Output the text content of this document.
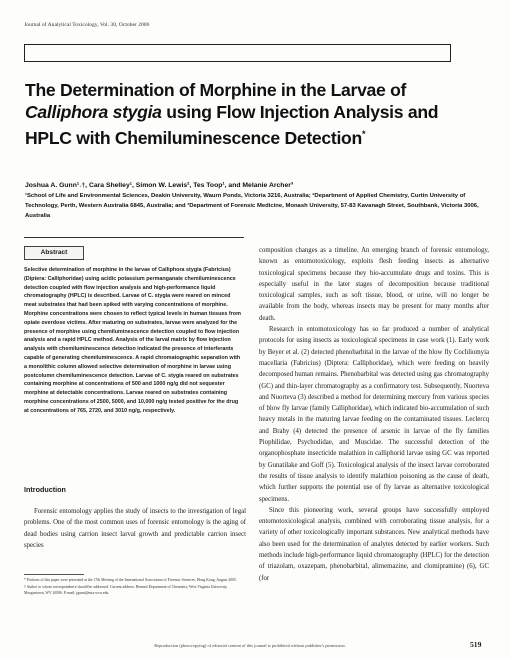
Journal of Analytical Toxicology, Vol. 30, October 2006
The Determination of Morphine in the Larvae of
Calliphora stygia using Flow Injection Analysis and
HPLC with Chemiluminescence Detection*
Joshua A. Gunn¹˒†, Cara Shelley¹, Simon W. Lewis², Tes Toop¹, and Melanie Archer³
¹School of Life and Environmental Sciences, Deakin University, Waurn Ponds, Victoria 3216, Australia; ²Department of Applied Chemistry, Curtin University of Technology, Perth, Western Australia 6845, Australia; and ³Department of Forensic Medicine, Monash University, 57-83 Kavanagh Street, Southbank, Victoria 3006, Australia
Abstract
Selective determination of morphine in the larvae of Calliphora stygia (Fabricius) (Diptera: Calliphoridae) using acidic potassium permanganate chemiluminescence detection coupled with flow injection analysis and high-performance liquid chromatography (HPLC) is described. Larvae of C. stygia were reared on minced meat substrates that had been spiked with varying concentrations of morphine. Morphine concentrations were chosen to reflect typical levels in human tissues from opiate overdose victims. After maturing on substrates, larvae were analyzed for the presence of morphine using chemiluminescence detection coupled to flow injection analysis and a rapid HPLC method. Analysis of the larval matrix by flow injection analysis with chemiluminescence detection indicated the presence of interferants capable of generating chemiluminescence. A rapid chromatographic separation with a monolithic column allowed selective determination of morphine in larvae using postcolumn chemiluminescence detection. Larvae of C. stygia reared on substrates containing morphine at concentrations of 500 and 1000 ng/g did not sequester morphine at detectable concentrations. Larvae reared on substrates containing morphine concentrations of 2500, 5000, and 10,000 ng/g tested positive for the drug at concentrations of 765, 2720, and 3010 ng/g, respectively.
Introduction

Forensic entomology applies the study of insects to the investigation of legal problems. One of the most common uses of forensic entomology is the aging of dead bodies using carrion insect larval growth and predictable carrion insect species

* Portions of this paper were presented at the 17th Meeting of the International Association of Forensic Sciences, Hong Kong, August 2005.

† Author to whom correspondence should be addressed. Current address: Bennett Department of Chemistry, West Virginia University, Morgantown, WV 26506. E-mail: jgunn@mix.wvu.edu.

composition changes as a timeline. An emerging branch of forensic entomology, known as entomotoxicology, exploits flesh feeding insects as alternative toxicological specimens because they bio-accumulate drugs and toxins. This is especially useful in the later stages of decomposition because traditional toxicological samples, such as soft tissue, blood, or urine, will no longer be available from the body, whereas insects may be present for many months after death.

Research in entomotoxicology has so far produced a number of analytical protocols for using insects as toxicological specimens in case work (1). Early work by Beyer et al. (2) detected phenobarbital in the larvae of the blow fly Cochliomyia macellaria (Fabricius) (Diptera: Calliphoridae), which were feeding on heavily decomposed human remains. Phenobarbital was detected using gas chromatography (GC) and thin-layer chromatography as a confirmatory test. Subsequently, Nuorteva and Nuorteva (3) described a method for determining mercury from various species of blow fly larvae (family Calliphoridae), which indicated bio-accumulation of such heavy metals in the maturing larvae feeding on the contaminated tissues. Leclercq and Brahy (4) detected the presence of arsenic in larvae of the fly families Piophilidae, Psychodidae, and Muscidae. The successful detection of the organophosphate insecticide malathion in calliphorid larvae using GC was reported by Gunatilake and Goff (5). Toxicological analysis of the insect larvae corroborated the results of tissue analysis to identify malathion poisoning as the cause of death, which further supports the potential use of fly larvae as alternative toxicological specimens.

Since this pioneering work, several groups have successfully employed entomotoxicological analysis, combined with corroborating tissue analysis, for a variety of other toxicologically important substances. New analytical methods have also been used for the determination of analytes detected by earlier workers. Such methods include high-performance liquid chromatography (HPLC) for the detection of triazolam, oxazepam, phenobarbital, alimemazine, and clomipramine) (6), GC (for

Reproduction (photocopying) of editorial content of this journal is prohibited without publisher's permission.	519
